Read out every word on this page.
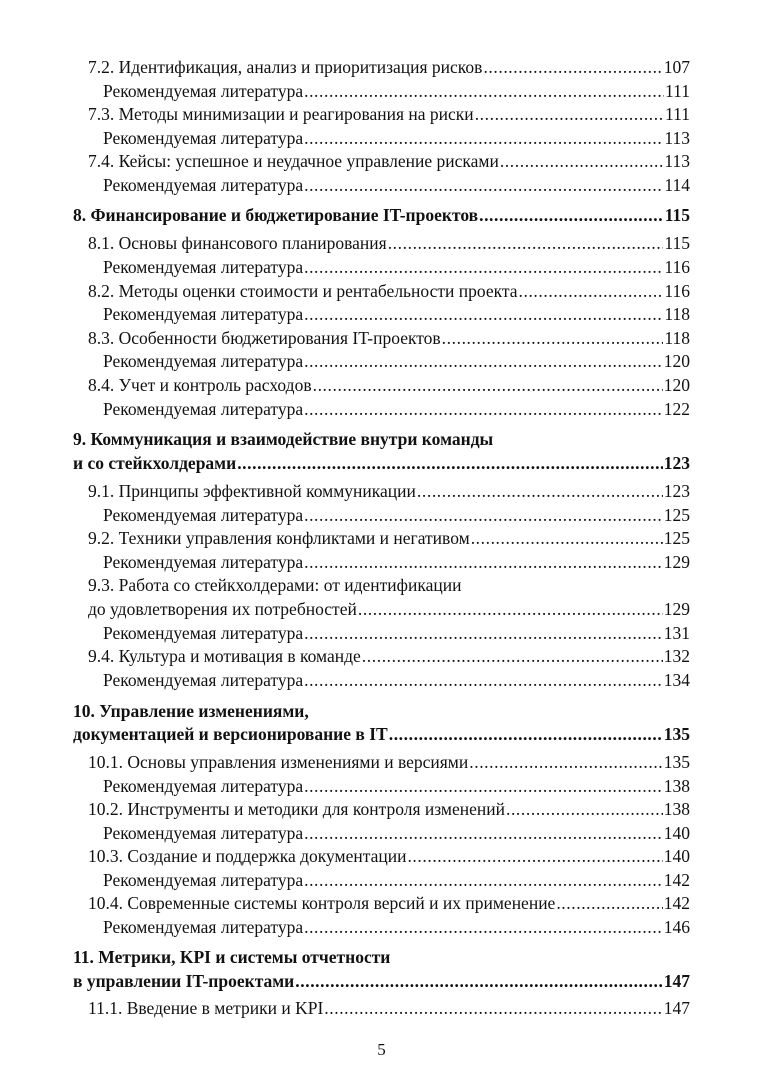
7.2. Идентификация, анализ и приоритизация рисков .....	107
Рекомендуемая литература .....	111
7.3. Методы минимизации и реагирования на риски .....	111
Рекомендуемая литература .....	113
7.4. Кейсы: успешное и неудачное управление рисками .....	113
Рекомендуемая литература .....	114
8. Финансирование и бюджетирование IT-проектов .....	115
8.1. Основы финансового планирования .....	115
Рекомендуемая литература .....	116
8.2. Методы оценки стоимости и рентабельности проекта .....	116
Рекомендуемая литература .....	118
8.3. Особенности бюджетирования IT-проектов .....	118
Рекомендуемая литература .....	120
8.4. Учет и контроль расходов .....	120
Рекомендуемая литература .....	122
9. Коммуникация и взаимодействие внутри команды
и со стейкхолдерами .....	123
9.1. Принципы эффективной коммуникации .....	123
Рекомендуемая литература .....	125
9.2. Техники управления конфликтами и негативом .....	125
Рекомендуемая литература .....	129
9.3. Работа со стейкхолдерами: от идентификации
до удовлетворения их потребностей .....	129
Рекомендуемая литература .....	131
9.4. Культура и мотивация в команде .....	132
Рекомендуемая литература .....	134
10. Управление изменениями,
документацией и версионирование в IT .....	135
10.1. Основы управления изменениями и версиями .....	135
Рекомендуемая литература .....	138
10.2. Инструменты и методики для контроля изменений .....	138
Рекомендуемая литература .....	140
10.3. Создание и поддержка документации .....	140
Рекомендуемая литература .....	142
10.4. Современные системы контроля версий и их применение .....	142
Рекомендуемая литература .....	146
11. Метрики, KPI и системы отчетности
в управлении IT-проектами .....	147
11.1. Введение в метрики и KPI .....	147
5
